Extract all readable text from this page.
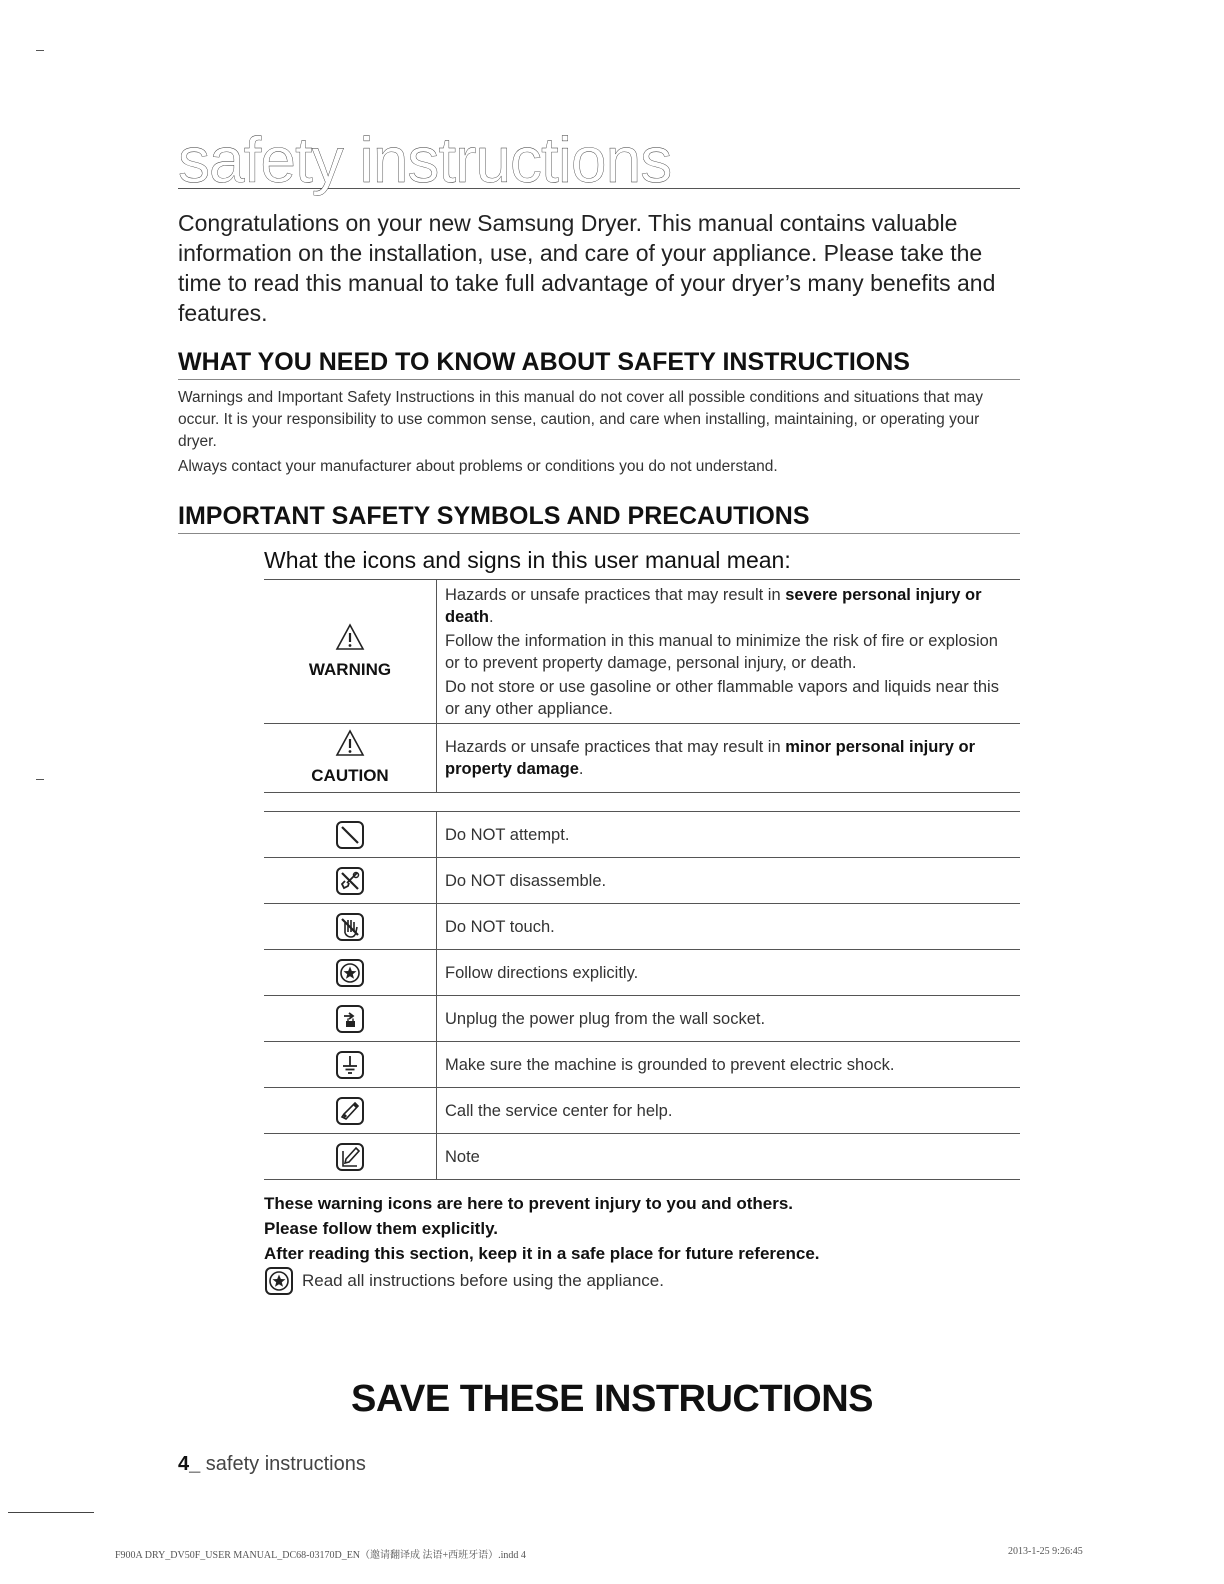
safety instructions
Congratulations on your new Samsung Dryer. This manual contains valuable information on the installation, use, and care of your appliance. Please take the time to read this manual to take full advantage of your dryer’s many benefits and features.
WHAT YOU NEED TO KNOW ABOUT SAFETY INSTRUCTIONS
Warnings and Important Safety Instructions in this manual do not cover all possible conditions and situations that may occur. It is your responsibility to use common sense, caution, and care when installing, maintaining, or operating your dryer.
Always contact your manufacturer about problems or conditions you do not understand.
IMPORTANT SAFETY SYMBOLS AND PRECAUTIONS
What the icons and signs in this user manual mean:
WARNING	Hazards or unsafe practices that may result in severe personal injury or death.
Follow the information in this manual to minimize the risk of fire or explosion or to prevent property damage, personal injury, or death.
Do not store or use gasoline or other flammable vapors and liquids near this or any other appliance.

CAUTION	Hazards or unsafe practices that may result in minor personal injury or property damage.
	Do NOT attempt.
	Do NOT disassemble.
	Do NOT touch.
	Follow directions explicitly.
	Unplug the power plug from the wall socket.
	Make sure the machine is grounded to prevent electric shock.
	Call the service center for help.
	Note
These warning icons are here to prevent injury to you and others.
Please follow them explicitly.
After reading this section, keep it in a safe place for future reference.
Read all instructions before using the appliance.
SAVE THESE INSTRUCTIONS
4_ safety instructions
F900A DRY_DV50F_USER MANUAL_DC68-03170D_EN（邀请翻译成 法语+西班牙语）.indd 4	2013-1-25 9:26:45
